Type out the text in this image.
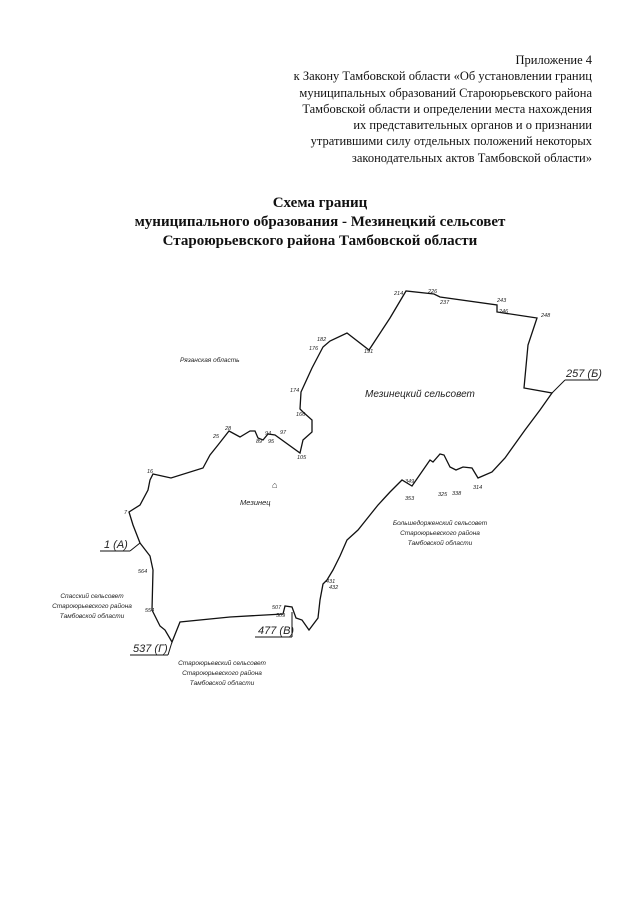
Приложение 4
к Закону Тамбовской области «Об установлении границ
муниципальных образований Староюрьевского района
Тамбовской области и определении места нахождения
их представительных органов и о признании
утратившими силу отдельных положений некоторых
законодательных актов Тамбовской области»
Схема границ
муниципального образования - Мезинецкий сельсовет
Староюрьевского района Тамбовской области
1 (А)
257 (Б)
477 (В)
537 (Г)
7
16
25
28
89
94
95
97
105
166
174
176
182
191
214	226
237	243
246
248
314
325 338
349
353
431
432
507
509
554
564
Мезинецкий сельсовет
Рязанская область
⌂
Мезинец
Большедорженский сельсовет
Староюрьевского района
Тамбовской области
Спасский сельсовет
Староюрьевского района
Тамбовской области
Староюрьевский сельсовет
Староюрьевского района
Тамбовской области
